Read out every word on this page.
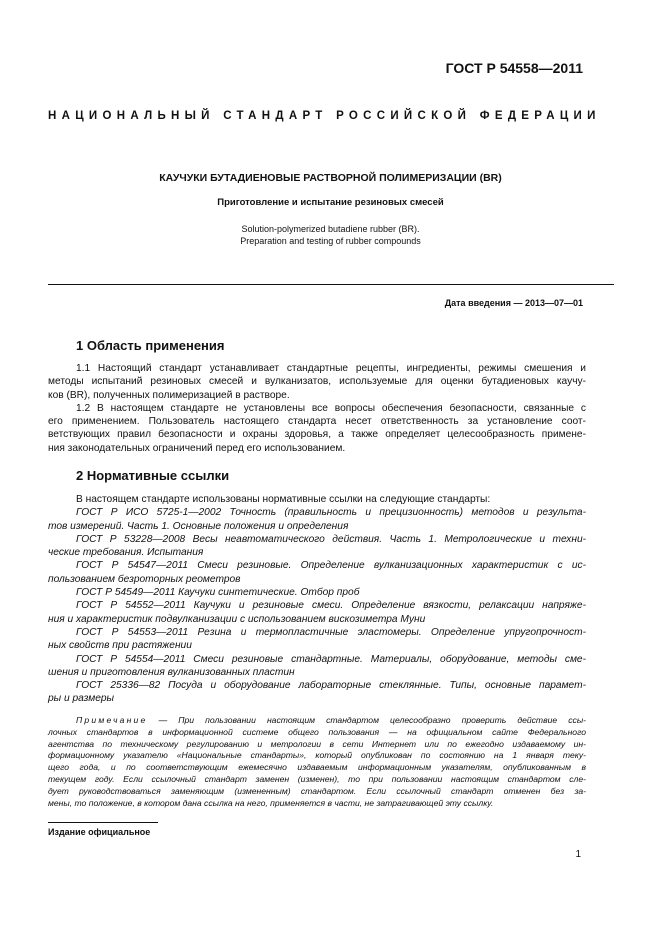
ГОСТ Р 54558—2011
НАЦИОНАЛЬНЫЙ СТАНДАРТ РОССИЙСКОЙ ФЕДЕРАЦИИ
КАУЧУКИ БУТАДИЕНОВЫЕ РАСТВОРНОЙ ПОЛИМЕРИЗАЦИИ (BR)
Приготовление и испытание резиновых смесей
Solution-polymerized butadiene rubber (BR).
Preparation and testing of rubber compounds
Дата введения — 2013—07—01
1 Область применения
1.1 Настоящий стандарт устанавливает стандартные рецепты, ингредиенты, режимы смешения и
методы испытаний резиновых смесей и вулканизатов, используемые для оценки бутадиеновых каучу-
ков (BR), полученных полимеризацией в растворе.
1.2 В настоящем стандарте не установлены все вопросы обеспечения безопасности, связанные с
его применением. Пользователь настоящего стандарта несет ответственность за установление соот-
ветствующих правил безопасности и охраны здоровья, а также определяет целесообразность примене-
ния законодательных ограничений перед его использованием.
2 Нормативные ссылки
В настоящем стандарте использованы нормативные ссылки на следующие стандарты:
ГОСТ Р ИСО 5725-1—2002 Точность (правильность и прецизионность) методов и результа-
тов измерений. Часть 1. Основные положения и определения
ГОСТ Р 53228—2008 Весы неавтоматического действия. Часть 1. Метрологические и техни-
ческие требования. Испытания
ГОСТ Р 54547—2011 Смеси резиновые. Определение вулканизационных характеристик с ис-
пользованием безроторных реометров
ГОСТ Р 54549—2011 Каучуки синтетические. Отбор проб
ГОСТ Р 54552—2011 Каучуки и резиновые смеси. Определение вязкости, релаксации напряже-
ния и характеристик подвулканизации с использованием вискозиметра Муни
ГОСТ Р 54553—2011 Резина и термопластичные эластомеры. Определение упругопрочност-
ных свойств при растяжении
ГОСТ Р 54554—2011 Смеси резиновые стандартные. Материалы, оборудование, методы сме-
шения и приготовления вулканизованных пластин
ГОСТ 25336—82 Посуда и оборудование лабораторные стеклянные. Типы, основные парамет-
ры и размеры
Примечание — При пользовании настоящим стандартом целесообразно проверить действие ссы-
лочных стандартов в информационной системе общего пользования — на официальном сайте Федерального
агентства по техническому регулированию и метрологии в сети Интернет или по ежегодно издаваемому ин-
формационному указателю «Национальные стандарты», который опубликован по состоянию на 1 января теку-
щего года, и по соответствующим ежемесячно издаваемым информационным указателям, опубликованным в
текущем году. Если ссылочный стандарт заменен (изменен), то при пользовании настоящим стандартом сле-
дует руководствоваться заменяющим (измененным) стандартом. Если ссылочный стандарт отменен без за-
мены, то положение, в котором дана ссылка на него, применяется в части, не затрагивающей эту ссылку.
Издание официальное
1
